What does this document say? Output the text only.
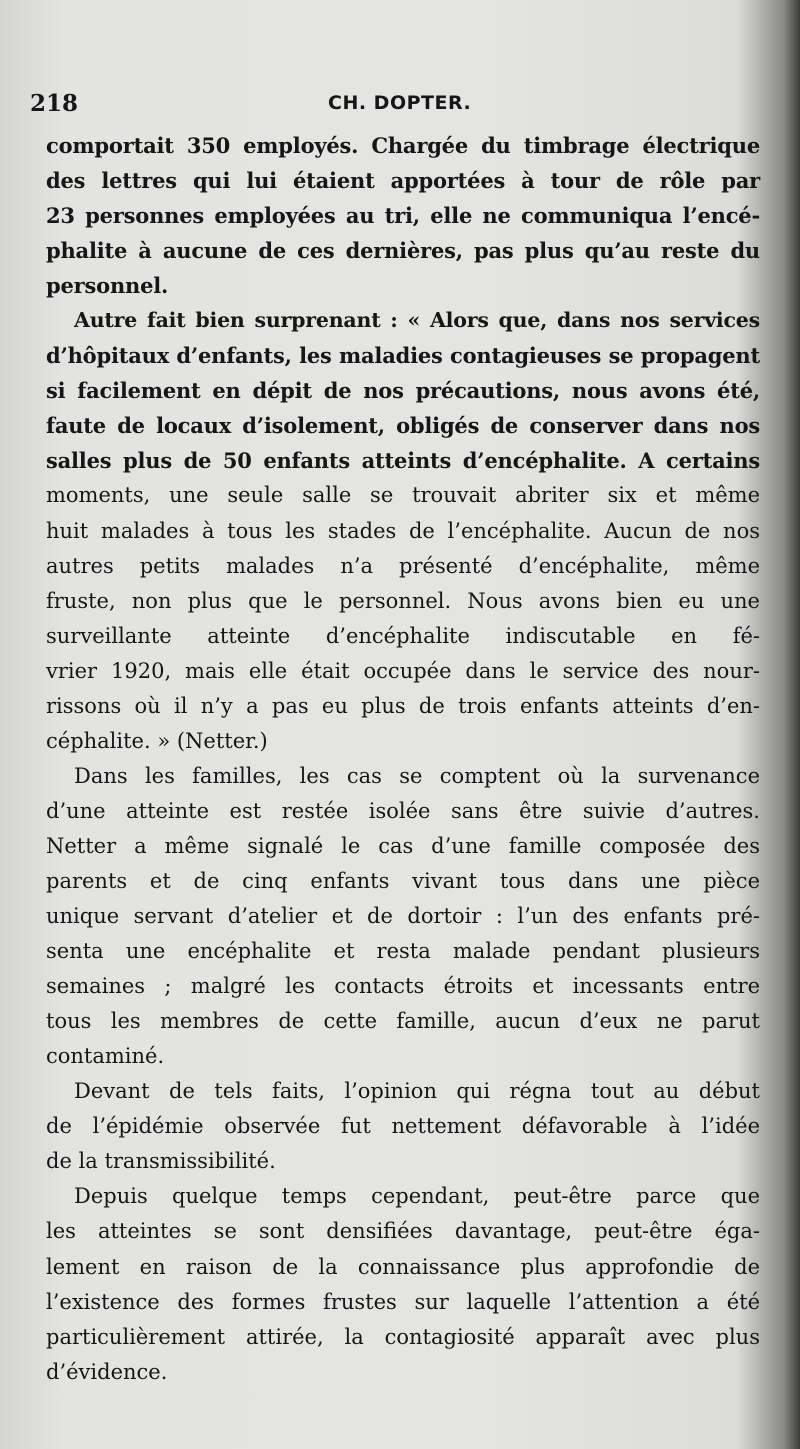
218	CH. DOPTER.
comportait 350 employés. Chargée du timbrage électrique
des lettres qui lui étaient apportées à tour de rôle par
23 personnes employées au tri, elle ne communiqua l’encé-
phalite à aucune de ces dernières, pas plus qu’au reste du
personnel.
Autre fait bien surprenant : « Alors que, dans nos services
d’hôpitaux d’enfants, les maladies contagieuses se propagent
si facilement en dépit de nos précautions, nous avons été,
faute de locaux d’isolement, obligés de conserver dans nos
salles plus de 50 enfants atteints d’encéphalite. A certains
moments, une seule salle se trouvait abriter six et même
huit malades à tous les stades de l’encéphalite. Aucun de nos
autres petits malades n’a présenté d’encéphalite, même
fruste, non plus que le personnel. Nous avons bien eu une
surveillante atteinte d’encéphalite indiscutable en fé-
vrier 1920, mais elle était occupée dans le service des nour-
rissons où il n’y a pas eu plus de trois enfants atteints d’en-
céphalite. » (Netter.)
Dans les familles, les cas se comptent où la survenance
d’une atteinte est restée isolée sans être suivie d’autres.
Netter a même signalé le cas d’une famille composée des
parents et de cinq enfants vivant tous dans une pièce
unique servant d’atelier et de dortoir : l’un des enfants pré-
senta une encéphalite et resta malade pendant plusieurs
semaines ; malgré les contacts étroits et incessants entre
tous les membres de cette famille, aucun d’eux ne parut
contaminé.
Devant de tels faits, l’opinion qui régna tout au début
de l’épidémie observée fut nettement défavorable à l’idée
de la transmissibilité.
Depuis quelque temps cependant, peut-être parce que
les atteintes se sont densifiées davantage, peut-être éga-
lement en raison de la connaissance plus approfondie de
l’existence des formes frustes sur laquelle l’attention a été
particulièrement attirée, la contagiosité apparaît avec plus
d’évidence.
